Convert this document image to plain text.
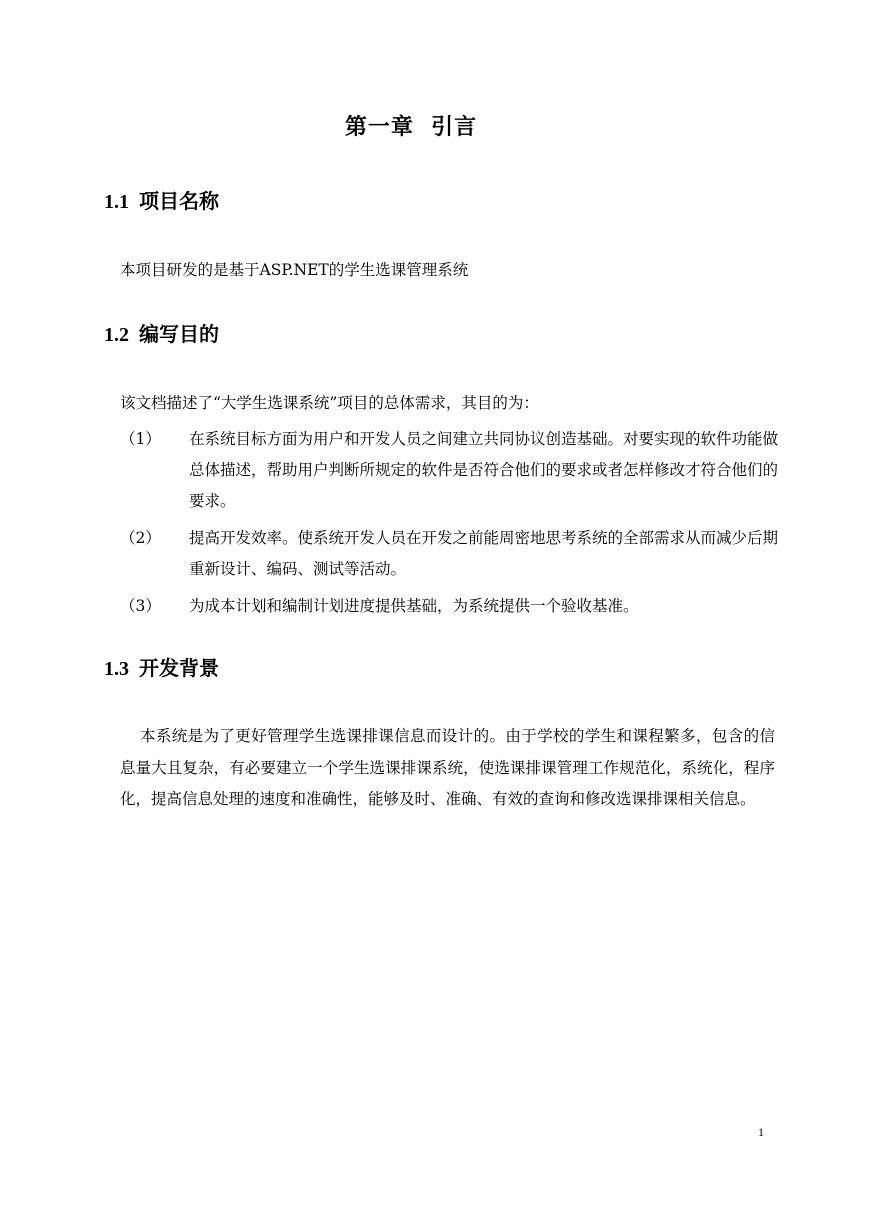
第一章  引言
1.1 项目名称
本项目研发的是基于ASP.NET的学生选课管理系统
1.2 编写目的
该文档描述了“大学生选课系统”项目的总体需求，其目的为：
（1） 在系统目标方面为用户和开发人员之间建立共同协议创造基础。对要实现的软件功能做总体描述，帮助用户判断所规定的软件是否符合他们的要求或者怎样修改才符合他们的要求。
（2） 提高开发效率。使系统开发人员在开发之前能周密地思考系统的全部需求从而减少后期重新设计、编码、测试等活动。
（3） 为成本计划和编制计划进度提供基础，为系统提供一个验收基准。
1.3 开发背景
本系统是为了更好管理学生选课排课信息而设计的。由于学校的学生和课程繁多，包含的信息量大且复杂，有必要建立一个学生选课排课系统，使选课排课管理工作规范化，系统化，程序化，提高信息处理的速度和准确性，能够及时、准确、有效的查询和修改选课排课相关信息。
1
